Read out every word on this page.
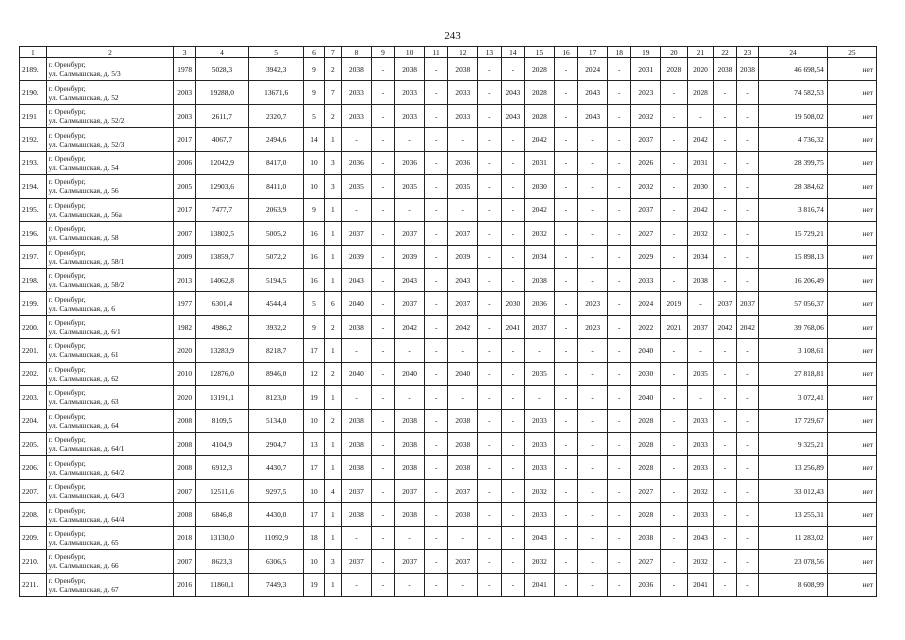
243
1	2	3	4	5	6	7	8	9	10	11	12	13	14	15	16	17	18	19	20	21	22	23	24	25
2189.	г. Оренбург,
ул. Салмышская, д. 5/3	1978	5028,3	3942,3	9	2	2038	-	2038	-	2038	-	-	2028	-	2024	-	2031	2028	2020	2038	2038	46 698,54	нет
2190.	г. Оренбург,
ул. Салмышская, д. 52	2003	19288,0	13671,6	9	7	2033	-	2033	-	2033	-	2043	2028	-	2043	-	2023	-	2028	-	-	74 582,53	нет
2191	г. Оренбург,
ул. Салмышская, д. 52/2	2003	2611,7	2320,7	5	2	2033	-	2033	-	2033	-	2043	2028	-	2043	-	2032	-	-	-	-	19 508,02	нет
2192.	г. Оренбург,
ул. Салмышская, д. 52/3	2017	4067,7	2494,6	14	1	-	-	-	-	-	-	-	2042	-	-	-	2037	-	2042	-	-	4 736,32	нет
2193.	г. Оренбург,
ул. Салмышская, д. 54	2006	12042,9	8417,0	10	3	2036	-	2036	-	2036	-	-	2031	-	-	-	2026	-	2031	-	-	28 399,75	нет
2194.	г. Оренбург,
ул. Салмышская, д. 56	2005	12903,6	8411,0	10	3	2035	-	2035	-	2035	-	-	2030	-	-	-	2032	-	2030	-	-	28 384,62	нет
2195.	г. Оренбург,
ул. Салмышская, д. 56а	2017	7477,7	2063,9	9	1	-	-	-	-	-	-	-	2042	-	-	-	2037	-	2042	-	-	3 816,74	нет
2196.	г. Оренбург,
ул. Салмышская, д. 58	2007	13802,5	5005,2	16	1	2037	-	2037	-	2037	-	-	2032	-	-	-	2027	-	2032	-	-	15 729,21	нет
2197.	г. Оренбург,
ул. Салмышская, д. 58/1	2009	13859,7	5072,2	16	1	2039	-	2039	-	2039	-	-	2034	-	-	-	2029	-	2034	-	-	15 898,13	нет
2198.	г. Оренбург,
ул. Салмышская, д. 58/2	2013	14062,8	5194,5	16	1	2043	-	2043	-	2043	-	-	2038	-	-	-	2033	-	2038	-	-	16 206,49	нет
2199.	г. Оренбург,
ул. Салмышская, д. 6	1977	6301,4	4544,4	5	6	2040	-	2037	-	2037	-	2030	2036	-	2023	-	2024	2019	-	2037	2037	57 056,37	нет
2200.	г. Оренбург,
ул. Салмышская, д. 6/1	1982	4986,2	3932,2	9	2	2038	-	2042	-	2042	-	2041	2037	-	2023	-	2022	2021	2037	2042	2042	39 768,06	нет
2201.	г. Оренбург,
ул. Салмышская, д. 61	2020	13283,9	8218,7	17	1	-	-	-	-	-	-	-	-	-	-	-	2040	-	-	-	-	3 108,61	нет
2202.	г. Оренбург,
ул. Салмышская, д. 62	2010	12876,0	8946,0	12	2	2040	-	2040	-	2040	-	-	2035	-	-	-	2030	-	2035	-	-	27 818,81	нет
2203.	г. Оренбург,
ул. Салмышская, д. 63	2020	13191,1	8123,0	19	1	-	-	-	-	-	-	-	-	-	-	-	2040	-	-	-	-	3 072,41	нет
2204.	г. Оренбург,
ул. Салмышская, д. 64	2008	8109,5	5134,0	10	2	2038	-	2038	-	2038	-	-	2033	-	-	-	2028	-	2033	-	-	17 729,67	нет
2205.	г. Оренбург,
ул. Салмышская, д. 64/1	2008	4104,9	2904,7	13	1	2038	-	2038	-	2038	-	-	2033	-	-	-	2028	-	2033	-	-	9 325,21	нет
2206.	г. Оренбург,
ул. Салмышская, д. 64/2	2008	6912,3	4430,7	17	1	2038	-	2038	-	2038	-	-	2033	-	-	-	2028	-	2033	-	-	13 256,89	нет
2207.	г. Оренбург,
ул. Салмышская, д. 64/3	2007	12511,6	9297,5	10	4	2037	-	2037	-	2037	-	-	2032	-	-	-	2027	-	2032	-	-	33 012,43	нет
2208.	г. Оренбург,
ул. Салмышская, д. 64/4	2008	6846,8	4430,0	17	1	2038	-	2038	-	2038	-	-	2033	-	-	-	2028	-	2033	-	-	13 255,31	нет
2209.	г. Оренбург,
ул. Салмышская, д. 65	2018	13130,0	11092,9	18	1	-	-	-	-	-	-	-	2043	-	-	-	2038	-	2043	-	-	11 283,02	нет
2210.	г. Оренбург,
ул. Салмышская, д. 66	2007	8623,3	6306,5	10	3	2037	-	2037	-	2037	-	-	2032	-	-	-	2027	-	2032	-	-	23 078,56	нет
2211.	г. Оренбург,
ул. Салмышская, д. 67	2016	11860,1	7449,3	19	1	-	-	-	-	-	-	-	2041	-	-	-	2036	-	2041	-	-	8 608,99	нет
